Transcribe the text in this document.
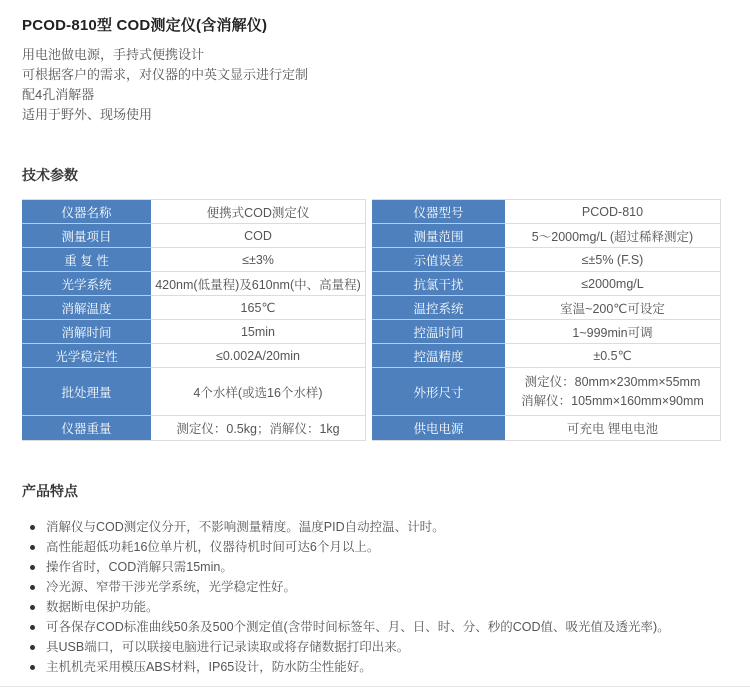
PCOD-810型 COD测定仪(含消解仪)

用电池做电源，手持式便携设计

可根据客户的需求，对仪器的中英文显示进行定制

配4孔消解器

适用于野外、现场使用

技术参数
仪器名称	便携式COD测定仪
测量项目	COD
重 复 性	≤±3%
光学系统	420nm(低量程)及610nm(中、高量程)
消解温度	165℃
消解时间	15min
光学稳定性	≤0.002A/20min
批处理量	4个水样(或选16个水样)
仪器重量	测定仪：0.5kg；消解仪：1kg
仪器型号	PCOD-810
测量范围	5～2000mg/L (超过稀释测定)
示值误差	≤±5% (F.S)
抗氯干扰	≤2000mg/L
温控系统	室温~200℃可设定
控温时间	1~999min可调
控温精度	±0.5℃
外形尺寸
测定仪：80mm×230mm×55mm
消解仪：105mm×160mm×90mm
供电电源	可充电 锂电电池
产品特点
消解仪与COD测定仪分开，不影响测量精度。温度PID自动控温、计时。
高性能超低功耗16位单片机，仪器待机时间可达6个月以上。
操作省时，COD消解只需15min。
冷光源、窄带干涉光学系统，光学稳定性好。
数据断电保护功能。
可各保存COD标准曲线50条及500个测定值(含带时间标签年、月、日、时、分、秒的COD值、吸光值及透光率)。
具USB端口，可以联接电脑进行记录读取或将存储数据打印出来。
主机机壳采用模压ABS材料，IP65设计，防水防尘性能好。
